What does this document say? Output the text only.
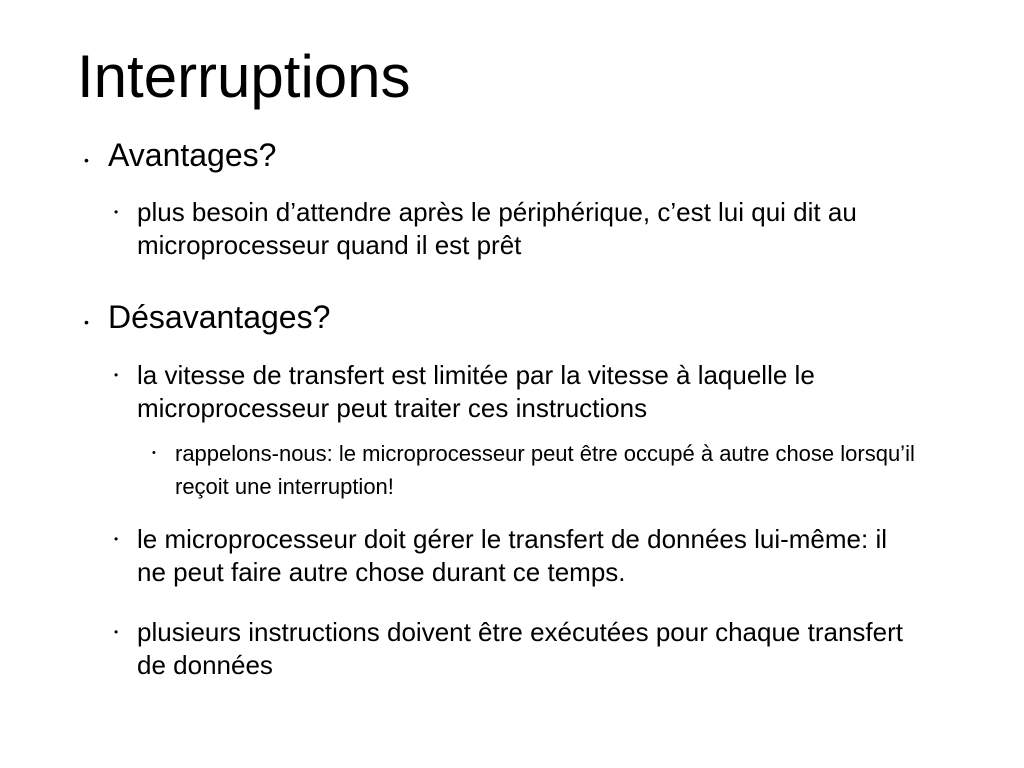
Interruptions
• Avantages?
• plus besoin d’attendre après le périphérique, c’est lui qui dit au microprocesseur quand il est prêt
• Désavantages?
• la vitesse de transfert est limitée par la vitesse à laquelle le microprocesseur peut traiter ces instructions
• rappelons-nous: le microprocesseur peut être occupé à autre chose lorsqu’il reçoit une interruption!
• le microprocesseur doit gérer le transfert de données lui-même: il ne peut faire autre chose durant ce temps.
• plusieurs instructions doivent être exécutées pour chaque transfert de données
